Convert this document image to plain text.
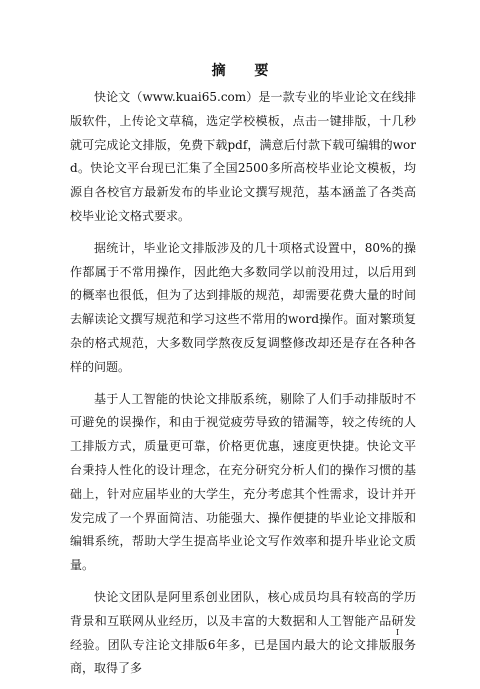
摘 要

快论文（www.kuai65.com）是一款专业的毕业论文在线排版软件，上传论文草稿，选定学校模板，点击一键排版，十几秒就可完成论文排版，免费下载pdf，满意后付款下载可编辑的word。快论文平台现已汇集了全国2500多所高校毕业论文模板，均源自各校官方最新发布的毕业论文撰写规范，基本涵盖了各类高校毕业论文格式要求。

据统计，毕业论文排版涉及的几十项格式设置中，80%的操作都属于不常用操作，因此绝大多数同学以前没用过，以后用到的概率也很低，但为了达到排版的规范，却需要花费大量的时间去解读论文撰写规范和学习这些不常用的word操作。面对繁琐复杂的格式规范，大多数同学熬夜反复调整修改却还是存在各种各样的问题。

基于人工智能的快论文排版系统，剔除了人们手动排版时不可避免的误操作，和由于视觉疲劳导致的错漏等，较之传统的人工排版方式，质量更可靠，价格更优惠，速度更快捷。快论文平台秉持人性化的设计理念，在充分研究分析人们的操作习惯的基础上，针对应届毕业的大学生，充分考虑其个性需求，设计并开发完成了一个界面简洁、功能强大、操作便捷的毕业论文排版和编辑系统，帮助大学生提高毕业论文写作效率和提升毕业论文质量。

快论文团队是阿里系创业团队，核心成员均具有较高的学历背景和互联网从业经历，以及丰富的大数据和人工智能产品研发经验。团队专注论文排版6年多，已是国内最大的论文排版服务商，取得了多

I
